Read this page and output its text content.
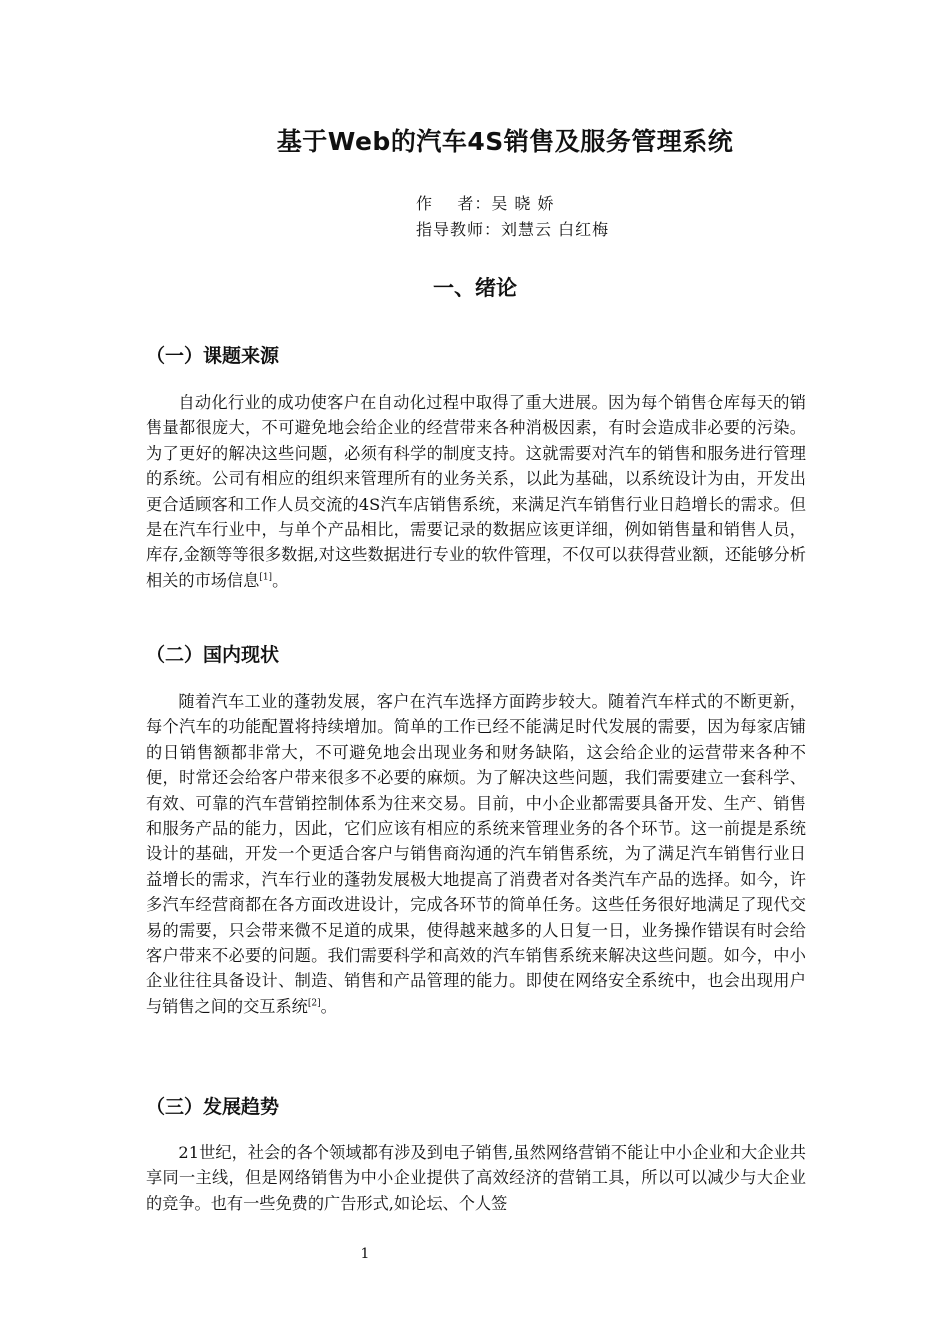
基于Web的汽车4S销售及服务管理系统
作    者：吴 晓 娇
指导教师：刘慧云 白红梅
一、绪论
（一）课题来源

自动化行业的成功使客户在自动化过程中取得了重大进展。因为每个销售仓库每天的销售量都很庞大，不可避免地会给企业的经营带来各种消极因素，有时会造成非必要的污染。为了更好的解决这些问题，必须有科学的制度支持。这就需要对汽车的销售和服务进行管理的系统。公司有相应的组织来管理所有的业务关系，以此为基础，以系统设计为由，开发出更合适顾客和工作人员交流的4S汽车店销售系统，来满足汽车销售行业日趋增长的需求。但是在汽车行业中，与单个产品相比，需要记录的数据应该更详细，例如销售量和销售人员，库存,金额等等很多数据,对这些数据进行专业的软件管理，不仅可以获得营业额，还能够分析相关的市场信息[1]。

（二）国内现状

随着汽车工业的蓬勃发展，客户在汽车选择方面跨步较大。随着汽车样式的不断更新，每个汽车的功能配置将持续增加。简单的工作已经不能满足时代发展的需要，因为每家店铺的日销售额都非常大，不可避免地会出现业务和财务缺陷，这会给企业的运营带来各种不便，时常还会给客户带来很多不必要的麻烦。为了解决这些问题，我们需要建立一套科学、有效、可靠的汽车营销控制体系为往来交易。目前，中小企业都需要具备开发、生产、销售和服务产品的能力，因此，它们应该有相应的系统来管理业务的各个环节。这一前提是系统设计的基础，开发一个更适合客户与销售商沟通的汽车销售系统，为了满足汽车销售行业日益增长的需求，汽车行业的蓬勃发展极大地提高了消费者对各类汽车产品的选择。如今，许多汽车经营商都在各方面改进设计，完成各环节的简单任务。这些任务很好地满足了现代交易的需要，只会带来微不足道的成果，使得越来越多的人日复一日，业务操作错误有时会给客户带来不必要的问题。我们需要科学和高效的汽车销售系统来解决这些问题。如今，中小企业往往具备设计、制造、销售和产品管理的能力。即使在网络安全系统中，也会出现用户与销售之间的交互系统[2]。

（三）发展趋势

21世纪，社会的各个领域都有涉及到电子销售,虽然网络营销不能让中小企业和大企业共享同一主线，但是网络销售为中小企业提供了高效经济的营销工具，所以可以减少与大企业的竞争。也有一些免费的广告形式,如论坛、个人签

1
